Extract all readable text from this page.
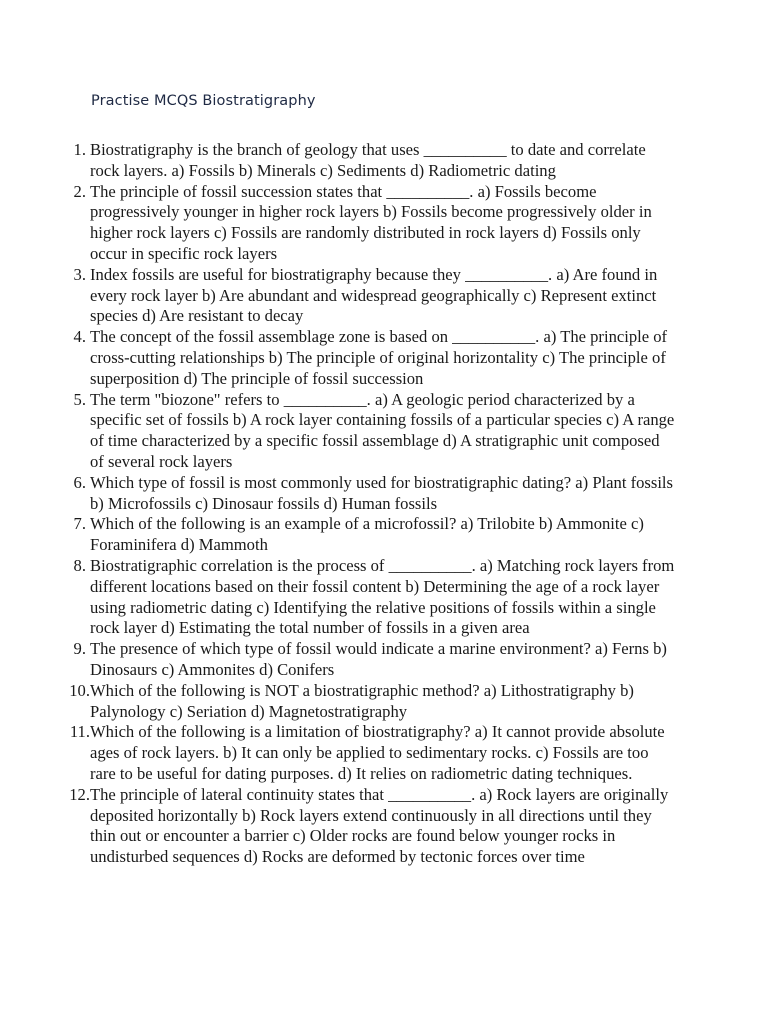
Practise MCQS Biostratigraphy
1. Biostratigraphy is the branch of geology that uses __________ to date and correlate rock layers. a) Fossils b) Minerals c) Sediments d) Radiometric dating
2. The principle of fossil succession states that __________. a) Fossils become progressively younger in higher rock layers b) Fossils become progressively older in higher rock layers c) Fossils are randomly distributed in rock layers d) Fossils only occur in specific rock layers
3. Index fossils are useful for biostratigraphy because they __________. a) Are found in every rock layer b) Are abundant and widespread geographically c) Represent extinct species d) Are resistant to decay
4. The concept of the fossil assemblage zone is based on __________. a) The principle of cross-cutting relationships b) The principle of original horizontality c) The principle of superposition d) The principle of fossil succession
5. The term "biozone" refers to __________. a) A geologic period characterized by a specific set of fossils b) A rock layer containing fossils of a particular species c) A range of time characterized by a specific fossil assemblage d) A stratigraphic unit composed of several rock layers
6. Which type of fossil is most commonly used for biostratigraphic dating? a) Plant fossils b) Microfossils c) Dinosaur fossils d) Human fossils
7. Which of the following is an example of a microfossil? a) Trilobite b) Ammonite c) Foraminifera d) Mammoth
8. Biostratigraphic correlation is the process of __________. a) Matching rock layers from different locations based on their fossil content b) Determining the age of a rock layer using radiometric dating c) Identifying the relative positions of fossils within a single rock layer d) Estimating the total number of fossils in a given area
9. The presence of which type of fossil would indicate a marine environment? a) Ferns b) Dinosaurs c) Ammonites d) Conifers
10. Which of the following is NOT a biostratigraphic method? a) Lithostratigraphy b) Palynology c) Seriation d) Magnetostratigraphy
11. Which of the following is a limitation of biostratigraphy? a) It cannot provide absolute ages of rock layers. b) It can only be applied to sedimentary rocks. c) Fossils are too rare to be useful for dating purposes. d) It relies on radiometric dating techniques.
12. The principle of lateral continuity states that __________. a) Rock layers are originally deposited horizontally b) Rock layers extend continuously in all directions until they thin out or encounter a barrier c) Older rocks are found below younger rocks in undisturbed sequences d) Rocks are deformed by tectonic forces over time
